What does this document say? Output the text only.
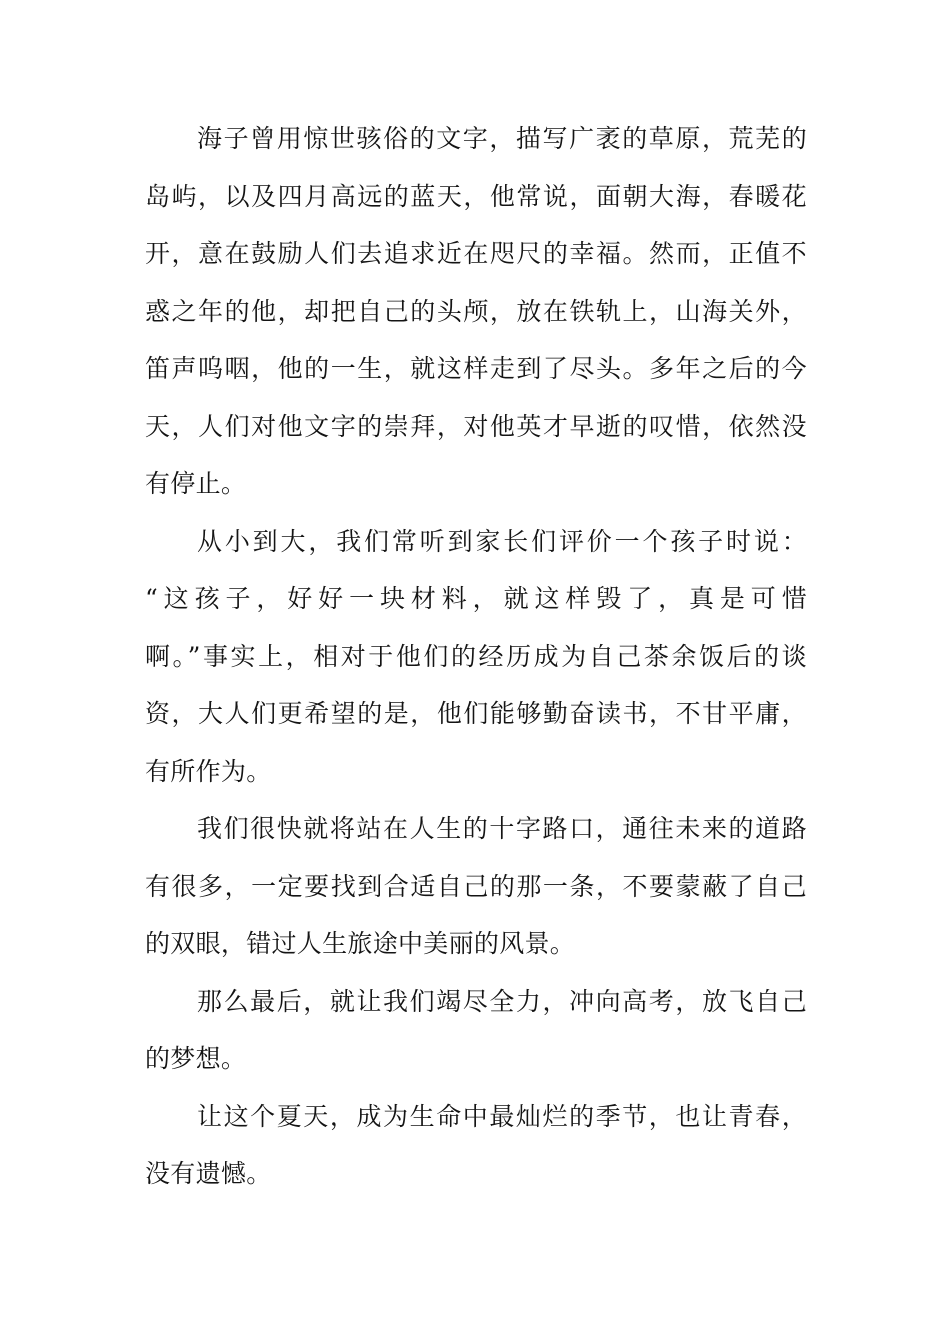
海子曾用惊世骇俗的文字，描写广袤的草原，荒芜的
岛屿，以及四月高远的蓝天，他常说，面朝大海，春暖花
开，意在鼓励人们去追求近在咫尺的幸福。然而，正值不
惑之年的他，却把自己的头颅，放在铁轨上，山海关外，
笛声呜咽，他的一生，就这样走到了尽头。多年之后的今
天，人们对他文字的崇拜，对他英才早逝的叹惜，依然没
有停止。
从小到大，我们常听到家长们评价一个孩子时说：
“这孩子，好好一块材料，就这样毁了，真是可惜
啊。”事实上，相对于他们的经历成为自己茶余饭后的谈
资，大人们更希望的是，他们能够勤奋读书，不甘平庸，
有所作为。
我们很快就将站在人生的十字路口，通往未来的道路
有很多，一定要找到合适自己的那一条，不要蒙蔽了自己
的双眼，错过人生旅途中美丽的风景。
那么最后，就让我们竭尽全力，冲向高考，放飞自己
的梦想。
让这个夏天，成为生命中最灿烂的季节，也让青春，
没有遗憾。
